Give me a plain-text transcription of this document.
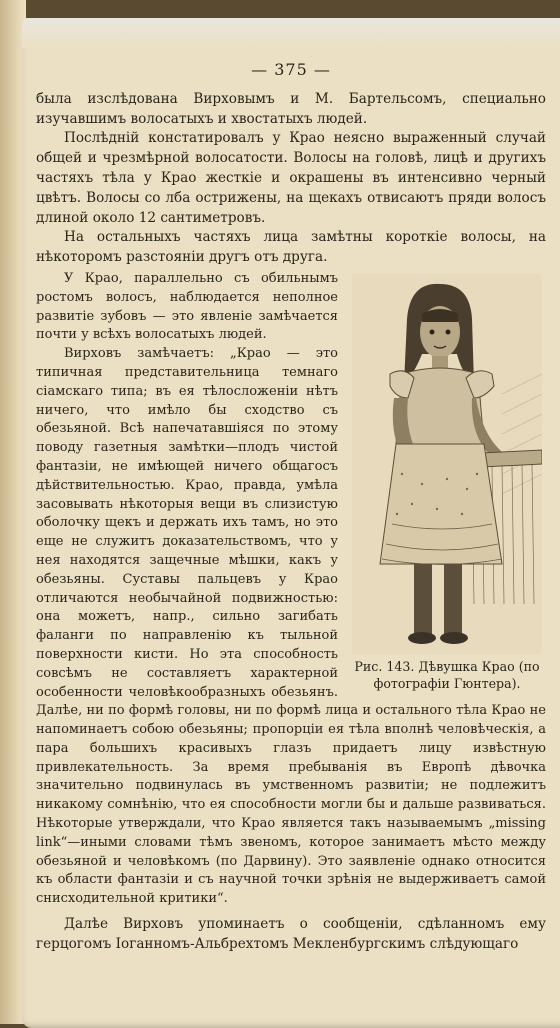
— 375 —

была изслѣдована Вирховымъ и М. Бартельсомъ, специально изучавшимъ волосатыхъ и хвостатыхъ людей.

Послѣдній констатировалъ у Крао неясно выраженный случай общей и чрезмѣрной волосатости. Волосы на головѣ, лицѣ и другихъ частяхъ тѣла у Крао жесткіе и окрашены въ интенсивно черный цвѣтъ. Волосы со лба острижены, на щекахъ отвисаютъ пряди волосъ длиной около 12 сантиметровъ.

На остальныхъ частяхъ лица замѣтны короткіе волосы, на нѣкоторомъ разстояніи другъ отъ друга.

Рис. 143. Дѣвушка Крао (по фотографіи Гюнтера).

У Крао, параллельно съ обильнымъ ростомъ волосъ, наблюдается неполное развитіе зубовъ — это явленіе замѣчается почти у всѣхъ волосатыхъ людей.

Вирховъ замѣчаетъ: „Крао — это типичная представительница темнаго сіамскаго типа; въ ея тѣлосложеніи нѣтъ ничего, что имѣло бы сходство съ обезьяной. Всѣ напечатавшіяся по этому поводу газетныя замѣтки—плодъ чистой фантазіи, не имѣющей ничего общагосъ дѣйствительностью. Крао, правда, умѣла засовывать нѣкоторыя вещи въ слизистую оболочку щекъ и держать ихъ тамъ, но это еще не служитъ доказательствомъ, что у нея находятся защечные мѣшки, какъ у обезьяны. Суставы пальцевъ у Крао отличаются необычайной подвижностью: она можетъ, напр., сильно загибать фаланги по направленію къ тыльной поверхности кисти. Но эта способность совсѣмъ не составляетъ характерной особенности человѣкообразныхъ обезьянъ. Далѣе, ни по формѣ головы, ни по формѣ лица и остального тѣла Крао не напоминаетъ собою обезьяны; пропорціи ея тѣла вполнѣ человѣческія, а пара большихъ красивыхъ глазъ придаетъ лицу извѣстную привлекательность. За время пребыванія въ Европѣ дѣвочка значительно подвинулась въ умственномъ развитіи; не подлежитъ никакому сомнѣнію, что ея способности могли бы и дальше развиваться. Нѣкоторые утверждали, что Крао является такъ называемымъ „missing link“—иными словами тѣмъ звеномъ, которое занимаетъ мѣсто между обезьяной и человѣкомъ (по Дарвину). Это заявленіе однако относится къ области фантазіи и съ научной точки зрѣнія не выдерживаетъ самой снисходительной критики“.

Далѣе Вирховъ упоминаетъ о сообщеніи, сдѣланномъ ему герцогомъ Іоганномъ-Альбрехтомъ Мекленбургскимъ слѣдующаго
